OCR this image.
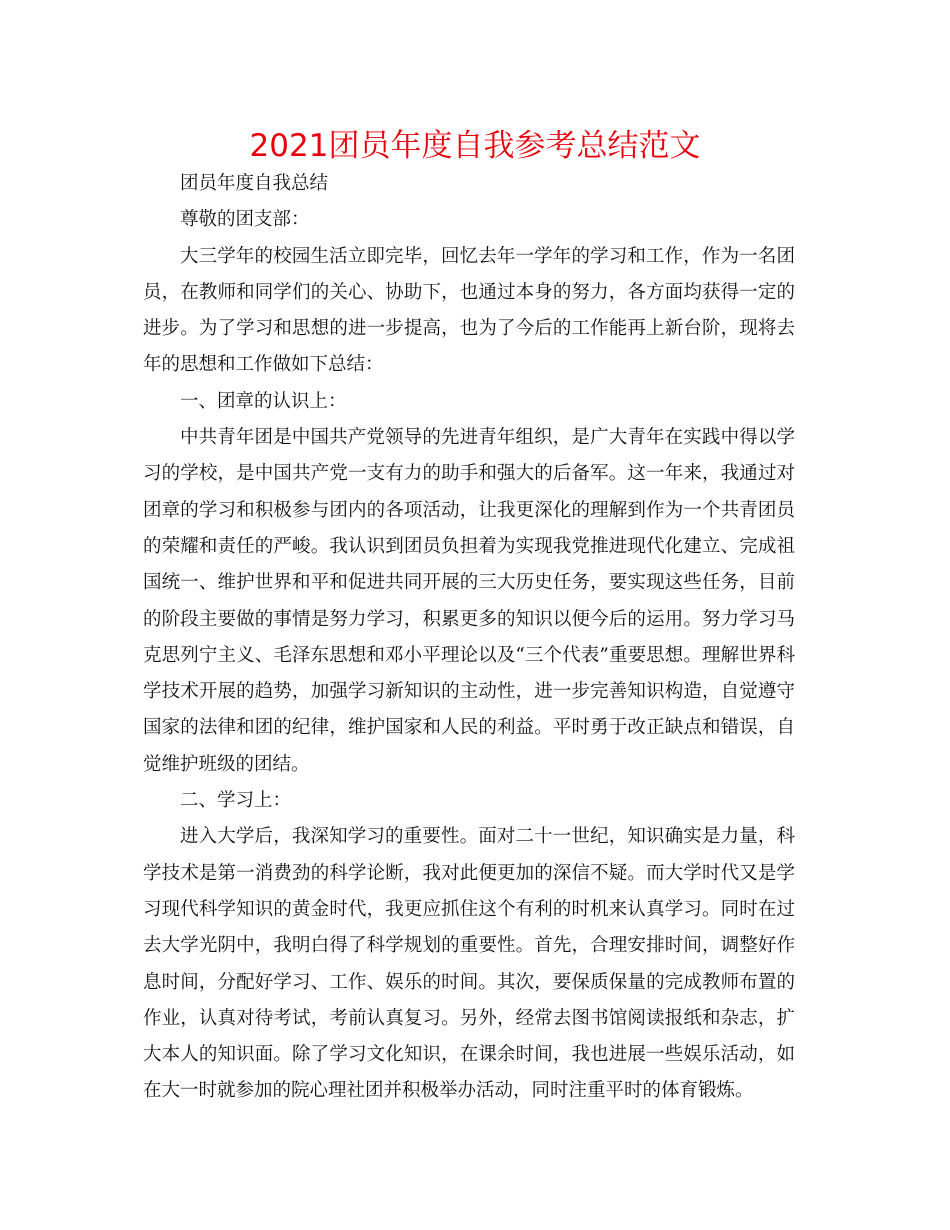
2021团员年度自我参考总结范文

团员年度自我总结

尊敬的团支部：

大三学年的校园生活立即完毕，回忆去年一学年的学习和工作，作为一名团员，在教师和同学们的关心、协助下，也通过本身的努力，各方面均获得一定的进步。为了学习和思想的进一步提高，也为了今后的工作能再上新台阶，现将去年的思想和工作做如下总结：

一、团章的认识上：

中共青年团是中国共产党领导的先进青年组织，是广大青年在实践中得以学习的学校，是中国共产党一支有力的助手和强大的后备军。这一年来，我通过对团章的学习和积极参与团内的各项活动，让我更深化的理解到作为一个共青团员的荣耀和责任的严峻。我认识到团员负担着为实现我党推进现代化建立、完成祖国统一、维护世界和平和促进共同开展的三大历史任务，要实现这些任务，目前的阶段主要做的事情是努力学习，积累更多的知识以便今后的运用。努力学习马克思列宁主义、毛泽东思想和邓小平理论以及“三个代表”重要思想。理解世界科学技术开展的趋势，加强学习新知识的主动性，进一步完善知识构造，自觉遵守国家的法律和团的纪律，维护国家和人民的利益。平时勇于改正缺点和错误，自觉维护班级的团结。

二、学习上：

进入大学后，我深知学习的重要性。面对二十一世纪，知识确实是力量，科学技术是第一消费劲的科学论断，我对此便更加的深信不疑。而大学时代又是学习现代科学知识的黄金时代，我更应抓住这个有利的时机来认真学习。同时在过去大学光阴中，我明白得了科学规划的重要性。首先，合理安排时间，调整好作息时间，分配好学习、工作、娱乐的时间。其次，要保质保量的完成教师布置的作业，认真对待考试，考前认真复习。另外，经常去图书馆阅读报纸和杂志，扩大本人的知识面。除了学习文化知识，在课余时间，我也进展一些娱乐活动，如在大一时就参加的院心理社团并积极举办活动，同时注重平时的体育锻炼。
